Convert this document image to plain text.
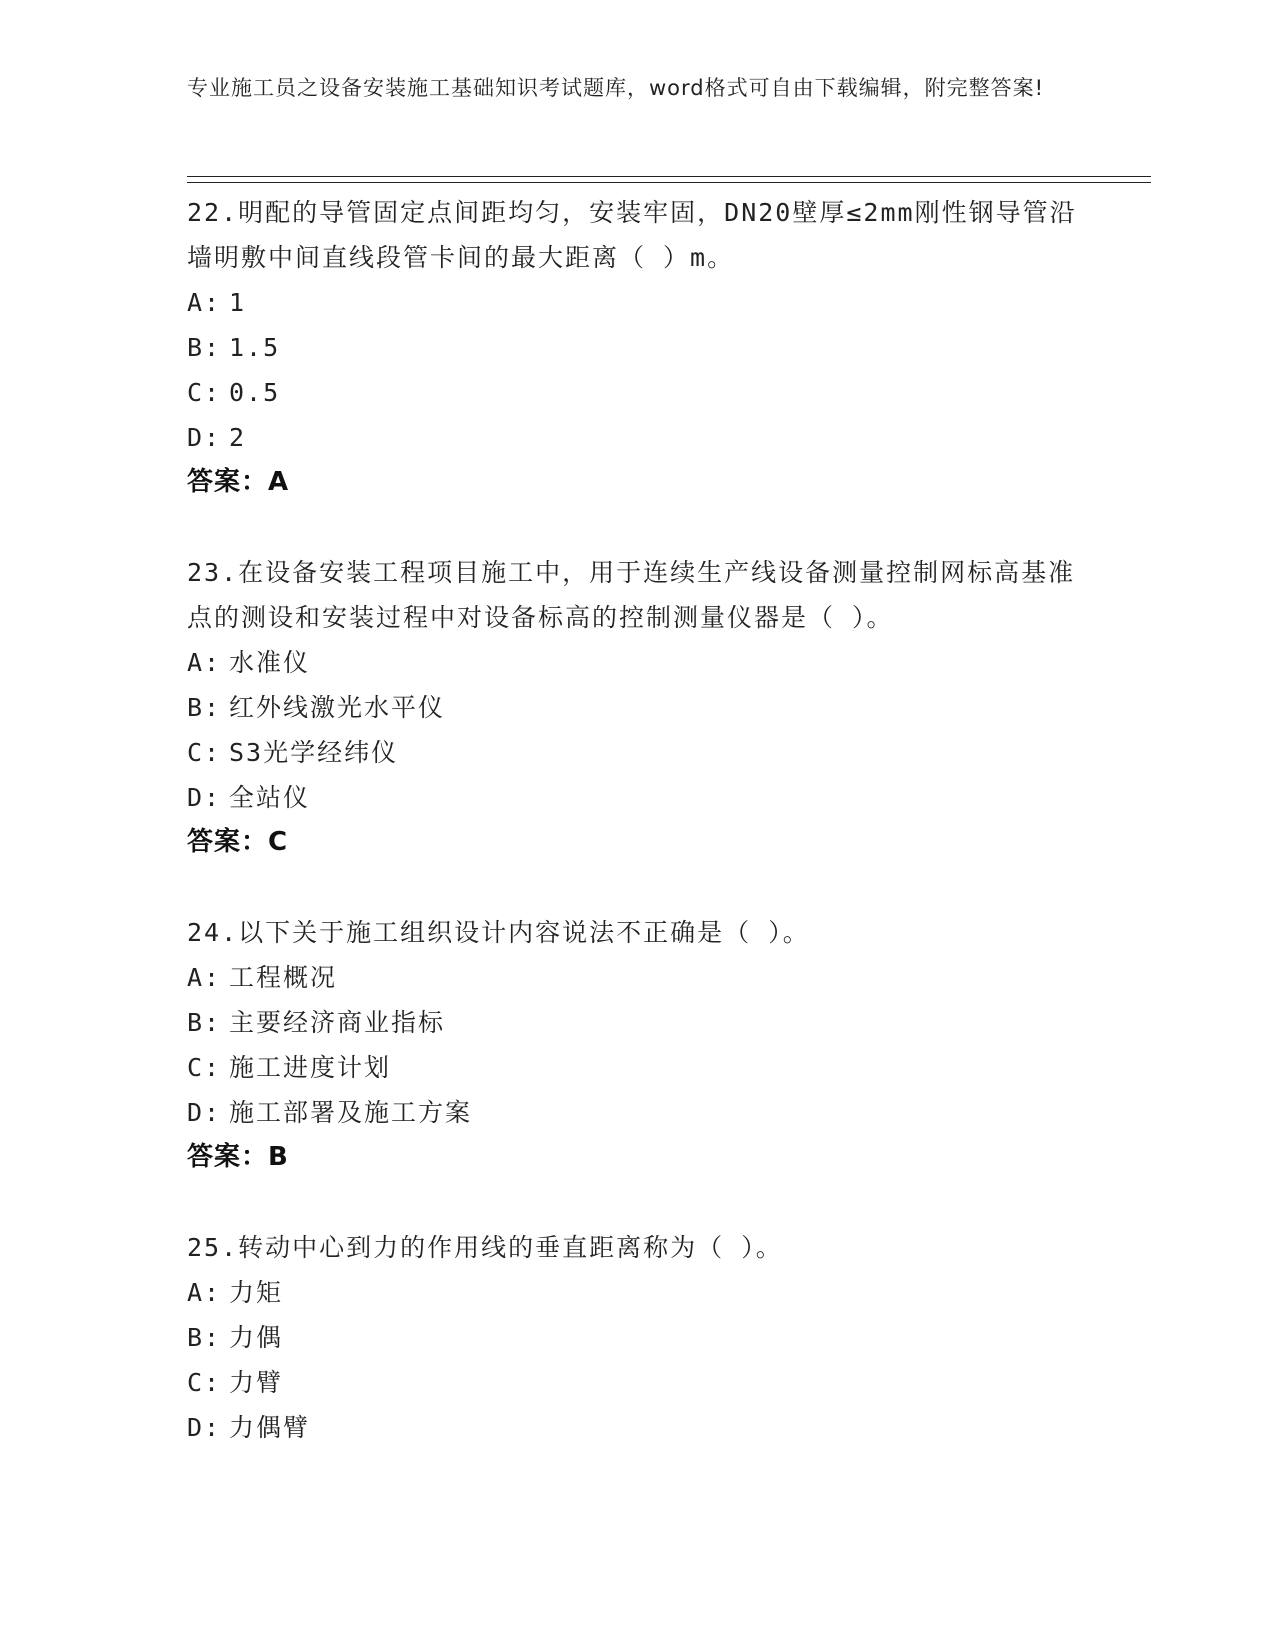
专业施工员之设备安装施工基础知识考试题库，word格式可自由下载编辑，附完整答案!

22.明配的导管固定点间距均匀，安装牢固，DN20壁厚≤2mm刚性钢导管沿墙明敷中间直线段管卡间的最大距离（ ）m。

A: 1
B: 1.5
C: 0.5
D: 2
答案：A

23.在设备安装工程项目施工中，用于连续生产线设备测量控制网标高基准点的测设和安装过程中对设备标高的控制测量仪器是（ ）。

A: 水准仪
B: 红外线激光水平仪
C: S3光学经纬仪
D: 全站仪
答案：C

24.以下关于施工组织设计内容说法不正确是（ ）。

A: 工程概况
B: 主要经济商业指标
C: 施工进度计划
D: 施工部署及施工方案
答案：B

25.转动中心到力的作用线的垂直距离称为（ ）。

A: 力矩
B: 力偶
C: 力臂
D: 力偶臂
